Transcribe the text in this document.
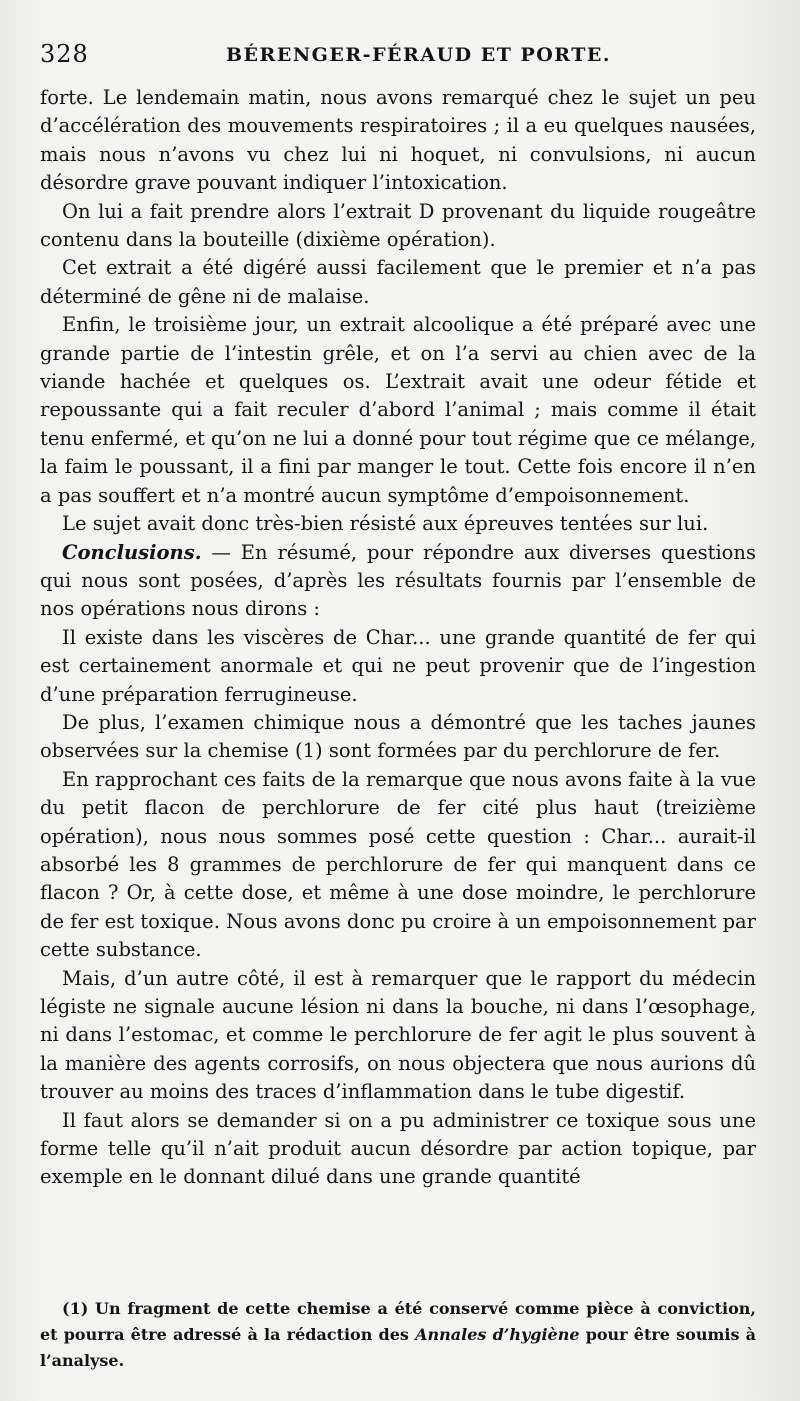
328	BÉRENGER-FÉRAUD ET PORTE.

forte. Le lendemain matin, nous avons remarqué chez le sujet un peu d’accélération des mouvements respiratoires ; il a eu quelques nausées, mais nous n’avons vu chez lui ni hoquet, ni convulsions, ni aucun désordre grave pouvant indiquer l’intoxication.

On lui a fait prendre alors l’extrait D provenant du liquide rougeâtre contenu dans la bouteille (dixième opération).

Cet extrait a été digéré aussi facilement que le premier et n’a pas déterminé de gêne ni de malaise.

Enfin, le troisième jour, un extrait alcoolique a été préparé avec une grande partie de l’intestin grêle, et on l’a servi au chien avec de la viande hachée et quelques os. L’extrait avait une odeur fétide et repoussante qui a fait reculer d’abord l’animal ; mais comme il était tenu enfermé, et qu’on ne lui a donné pour tout régime que ce mélange, la faim le poussant, il a fini par manger le tout. Cette fois encore il n’en a pas souffert et n’a montré aucun symptôme d’empoisonnement.

Le sujet avait donc très-bien résisté aux épreuves tentées sur lui.

Conclusions. — En résumé, pour répondre aux diverses questions qui nous sont posées, d’après les résultats fournis par l’ensemble de nos opérations nous dirons :

Il existe dans les viscères de Char... une grande quantité de fer qui est certainement anormale et qui ne peut provenir que de l’ingestion d’une préparation ferrugineuse.

De plus, l’examen chimique nous a démontré que les taches jaunes observées sur la chemise (1) sont formées par du perchlorure de fer.

En rapprochant ces faits de la remarque que nous avons faite à la vue du petit flacon de perchlorure de fer cité plus haut (treizième opération), nous nous sommes posé cette question : Char... aurait-il absorbé les 8 grammes de perchlorure de fer qui manquent dans ce flacon ? Or, à cette dose, et même à une dose moindre, le perchlorure de fer est toxique. Nous avons donc pu croire à un empoisonnement par cette substance.

Mais, d’un autre côté, il est à remarquer que le rapport du médecin légiste ne signale aucune lésion ni dans la bouche, ni dans l’œsophage, ni dans l’estomac, et comme le perchlorure de fer agit le plus souvent à la manière des agents corrosifs, on nous objectera que nous aurions dû trouver au moins des traces d’inflammation dans le tube digestif.

Il faut alors se demander si on a pu administrer ce toxique sous une forme telle qu’il n’ait produit aucun désordre par action topique, par exemple en le donnant dilué dans une grande quantité

(1) Un fragment de cette chemise a été conservé comme pièce à conviction, et pourra être adressé à la rédaction des Annales d’hygiène pour être soumis à l’analyse.
